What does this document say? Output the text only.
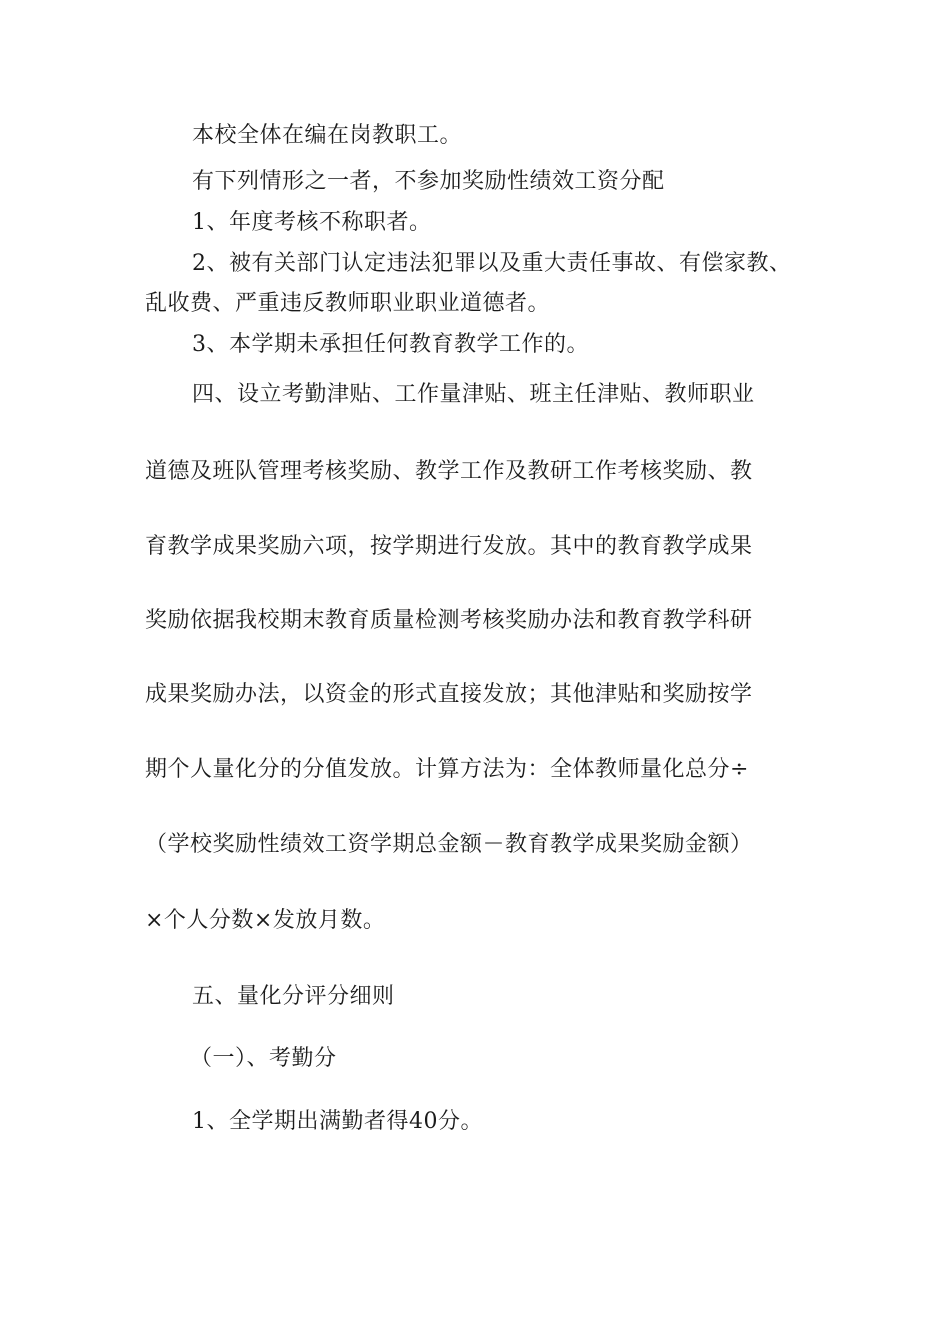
本校全体在编在岗教职工。
有下列情形之一者，不参加奖励性绩效工资分配
1、年度考核不称职者。
2、被有关部门认定违法犯罪以及重大责任事故、有偿家教、
乱收费、严重违反教师职业职业道德者。
3、本学期未承担任何教育教学工作的。
四、设立考勤津贴、工作量津贴、班主任津贴、教师职业
道德及班队管理考核奖励、教学工作及教研工作考核奖励、教
育教学成果奖励六项，按学期进行发放。其中的教育教学成果
奖励依据我校期末教育质量检测考核奖励办法和教育教学科研
成果奖励办法，以资金的形式直接发放；其他津贴和奖励按学
期个人量化分的分值发放。计算方法为：全体教师量化总分÷
（学校奖励性绩效工资学期总金额－教育教学成果奖励金额）
×个人分数×发放月数。
五、量化分评分细则
（一）、考勤分
1、全学期出满勤者得40分。
